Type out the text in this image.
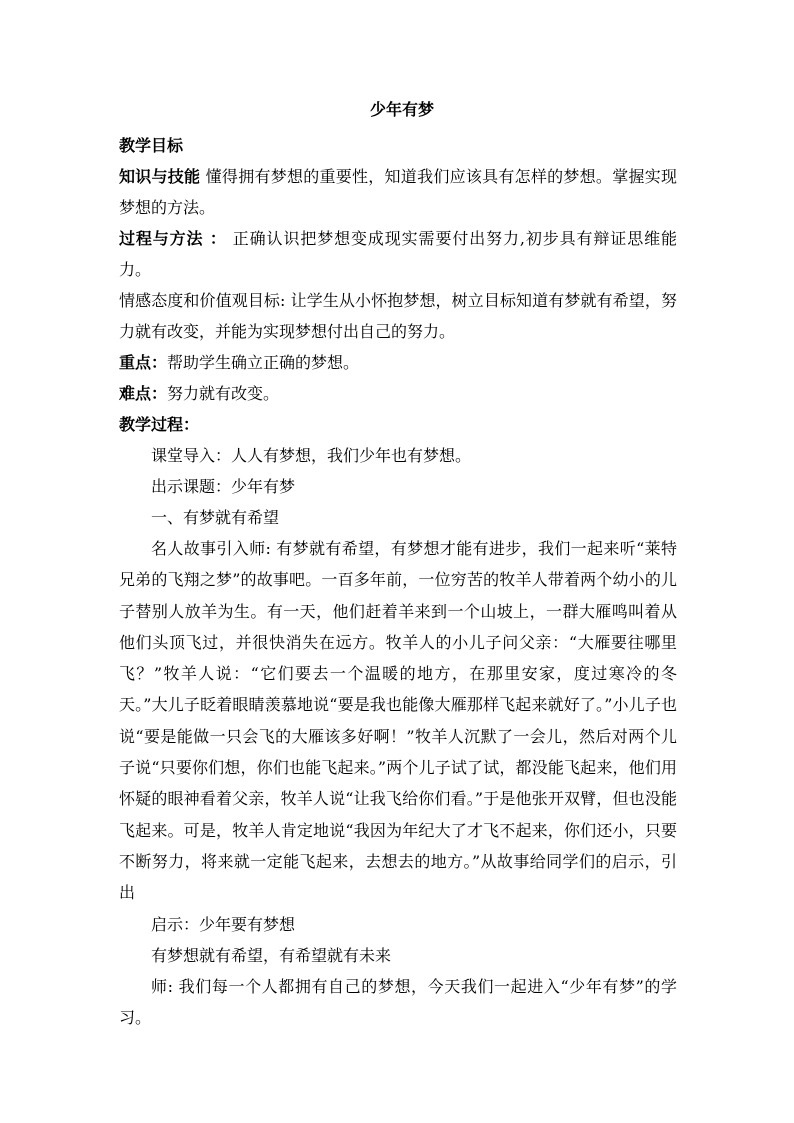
少年有梦

教学目标

知识与技能 懂得拥有梦想的重要性，知道我们应该具有怎样的梦想。掌握实现梦想的方法。

过程与方法 ： 正确认识把梦想变成现实需要付出努力,初步具有辩证思维能力。

情感态度和价值观目标: 让学生从小怀抱梦想，树立目标知道有梦就有希望，努力就有改变，并能为实现梦想付出自己的努力。

重点：帮助学生确立正确的梦想。

难点：努力就有改变。

教学过程：

课堂导入：人人有梦想，我们少年也有梦想。

出示课题：少年有梦

一、有梦就有希望

名人故事引入师: 有梦就有希望，有梦想才能有进步，我们一起来听“莱特兄弟的飞翔之梦”的故事吧。一百多年前，一位穷苦的牧羊人带着两个幼小的儿子替别人放羊为生。有一天，他们赶着羊来到一个山坡上，一群大雁鸣叫着从他们头顶飞过，并很快消失在远方。牧羊人的小儿子问父亲：“大雁要往哪里飞？”牧羊人说：“它们要去一个温暖的地方，在那里安家，度过寒冷的冬天。”大儿子眨着眼睛羡慕地说“要是我也能像大雁那样飞起来就好了。”小儿子也说“要是能做一只会飞的大雁该多好啊！”牧羊人沉默了一会儿，然后对两个儿子说“只要你们想，你们也能飞起来。”两个儿子试了试，都没能飞起来，他们用怀疑的眼神看着父亲，牧羊人说“让我飞给你们看。”于是他张开双臂，但也没能飞起来。可是，牧羊人肯定地说“我因为年纪大了才飞不起来，你们还小，只要不断努力，将来就一定能飞起来，去想去的地方。”从故事给同学们的启示，引出

启示：少年要有梦想

有梦想就有希望，有希望就有未来

师: 我们每一个人都拥有自己的梦想，今天我们一起进入“少年有梦”的学习。
